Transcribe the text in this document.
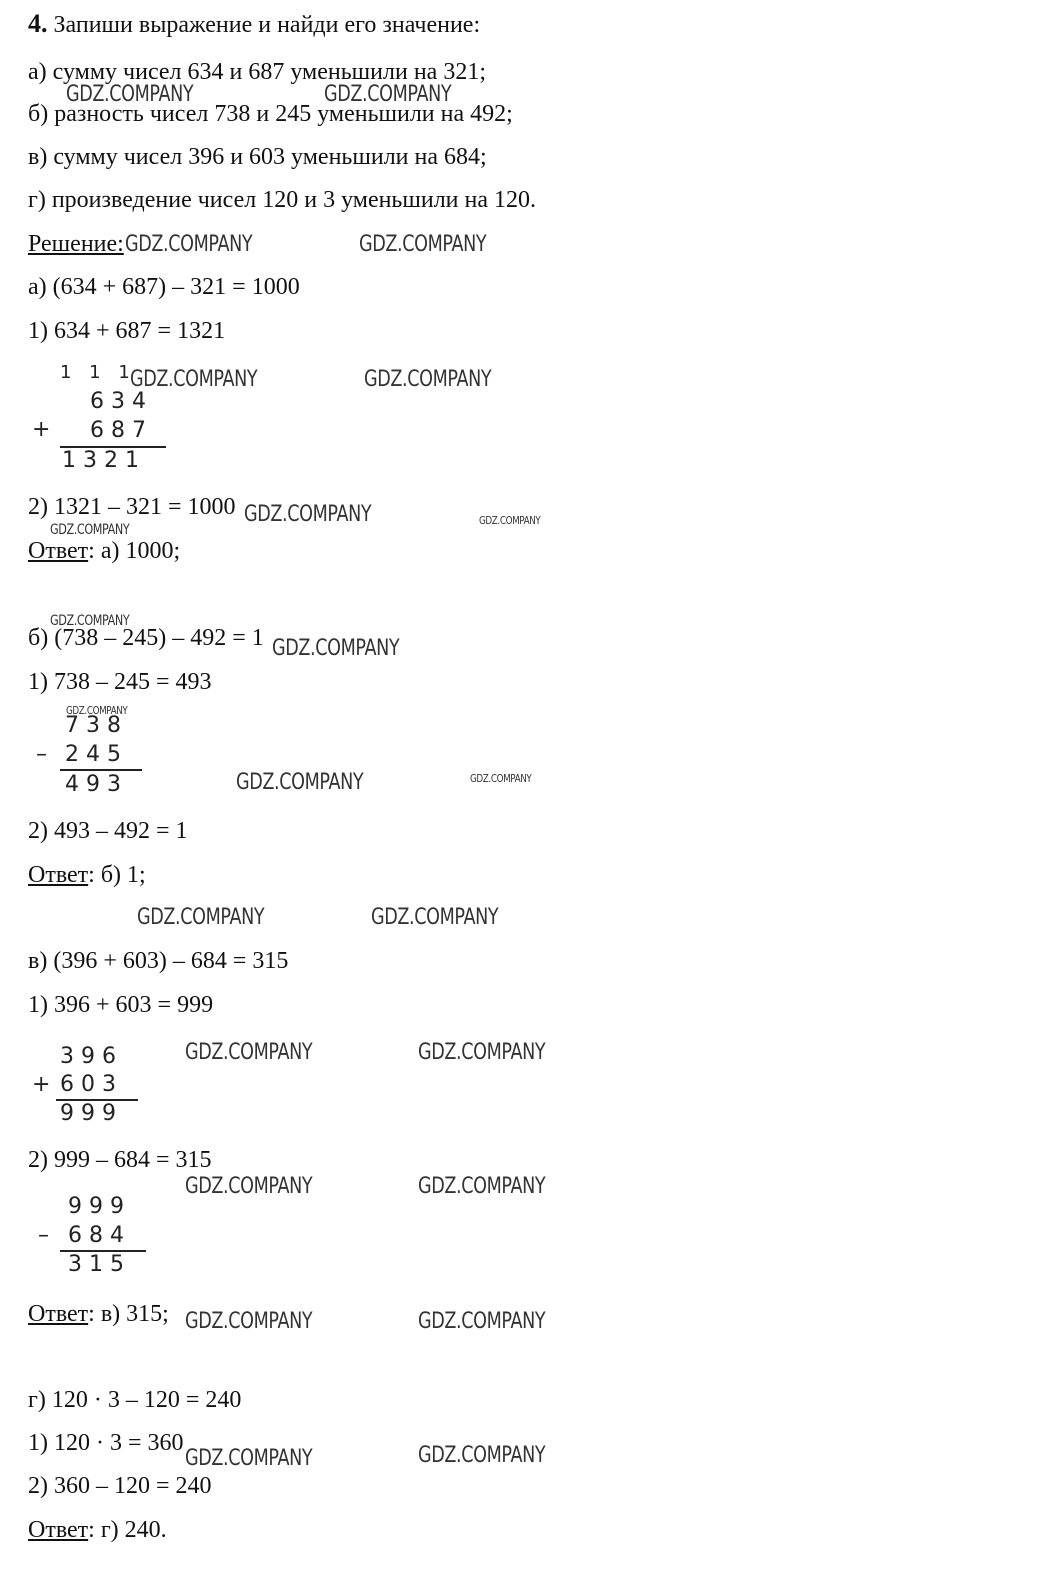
4. Запиши выражение и найди его значение:
а) сумму чисел 634 и 687 уменьшили на 321;
б) разность чисел 738 и 245 уменьшили на 492;
в) сумму чисел 396 и 603 уменьшили на 684;
г) произведение чисел 120 и 3 уменьшили на 120.
Решение:
а) (634 + 687) – 321 = 1000
1) 634 + 687 = 1321
1 1 1
6 3 4
+ 6 8 7
1 3 2 1
2) 1321 – 321 = 1000
Ответ: а) 1000;
б) (738 – 245) – 492 = 1
1) 738 – 245 = 493
7 3 8
– 2 4 5
4 9 3
2) 493 – 492 = 1
Ответ: б) 1;
в) (396 + 603) – 684 = 315
1) 396 + 603 = 999
3 9 6
+ 6 0 3
9 9 9
2) 999 – 684 = 315
9 9 9
– 6 8 4
3 1 5
Ответ: в) 315;
г) 120 · 3 – 120 = 240
1) 120 · 3 = 360
2) 360 – 120 = 240
Ответ: г) 240.
GDZ.COMPANY	GDZ.COMPANY
GDZ.COMPANY	GDZ.COMPANY
GDZ.COMPANY	GDZ.COMPANY
GDZ.COMPANY	GDZ.COMPANY
GDZ.COMPANY
GDZ.COMPANY
GDZ.COMPANY
GDZ.COMPANY
GDZ.COMPANY	GDZ.COMPANY
GDZ.COMPANY	GDZ.COMPANY
GDZ.COMPANY	GDZ.COMPANY
GDZ.COMPANY	GDZ.COMPANY
GDZ.COMPANY	GDZ.COMPANY
GDZ.COMPANY	GDZ.COMPANY
